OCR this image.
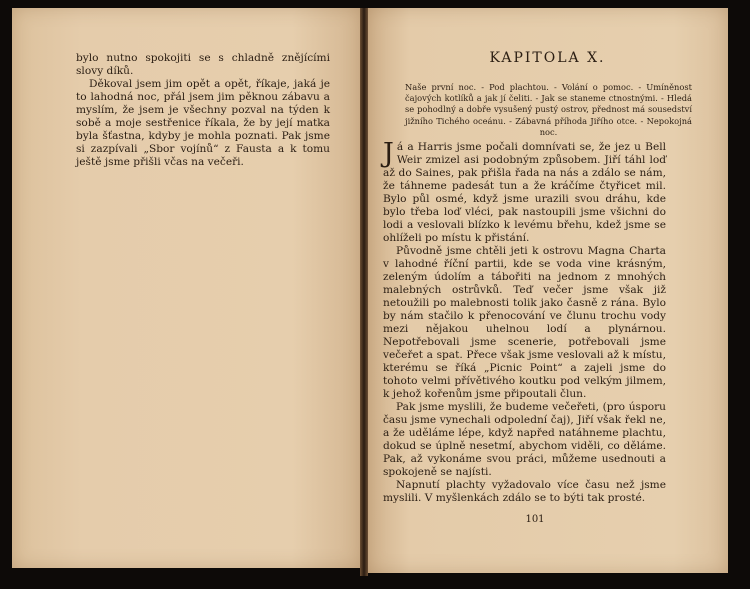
bylo nutno spokojiti se s chladně znějícími slovy díků.

Děkoval jsem jim opět a opět, říkaje, jaká je to lahodná noc, přál jsem jim pěknou zábavu a myslím, že jsem je všechny pozval na týden k sobě a moje sestřenice říkala, že by její matka byla šťastna, kdyby je mohla poznati. Pak jsme si zazpívali „Sbor vojínů“ z Fausta a k tomu ještě jsme přišli včas na večeři.

KAPITOLA X.
Naše první noc. - Pod plachtou. - Volání o pomoc. - Umíněnost čajových kotlíků a jak jí čeliti. - Jak se staneme ctnostnými. - Hledá se pohodlný a dobře vysušený pustý ostrov, přednost má sousedství jižního Tichého oceánu. - Zábavná příhoda Jiřího otce. - Nepokojná noc.

Já a Harris jsme počali domnívati se, že jez u Bell Weir zmizel asi podobným způsobem. Jiří táhl loď až do Saines, pak přišla řada na nás a zdálo se nám, že táhneme padesát tun a že kráčíme čtyřicet mil. Bylo půl osmé, když jsme urazili svou dráhu, kde bylo třeba loď vléci, pak nastoupili jsme všichni do lodi a veslovali blízko k levému břehu, kdež jsme se ohlíželi po místu k přistání.

Původně jsme chtěli jeti k ostrovu Magna Charta v lahodné říční partii, kde se voda vine krásným, zeleným údolím a tábořiti na jednom z mnohých malebných ostrůvků. Teď večer jsme však již netoužili po malebnosti tolik jako časně z rána. Bylo by nám stačilo k přenocování ve člunu trochu vody mezi nějakou uhelnou lodí a plynárnou. Nepotřebovali jsme scenerie, potřebovali jsme večeřet a spat. Přece však jsme veslovali až k místu, kterému se říká „Picnic Point“ a zajeli jsme do tohoto velmi přívětivého koutku pod velkým jilmem, k jehož kořenům jsme připoutali člun.

Pak jsme myslili, že budeme večeřeti, (pro úsporu času jsme vynechali odpolední čaj), Jiří však řekl ne, a že uděláme lépe, když napřed natáhneme plachtu, dokud se úplně nesetmí, abychom viděli, co děláme. Pak, až vykonáme svou práci, můžeme usednouti a spokojeně se najísti.

Napnutí plachty vyžadovalo více času než jsme myslili. V myšlenkách zdálo se to býti tak prosté.

101
